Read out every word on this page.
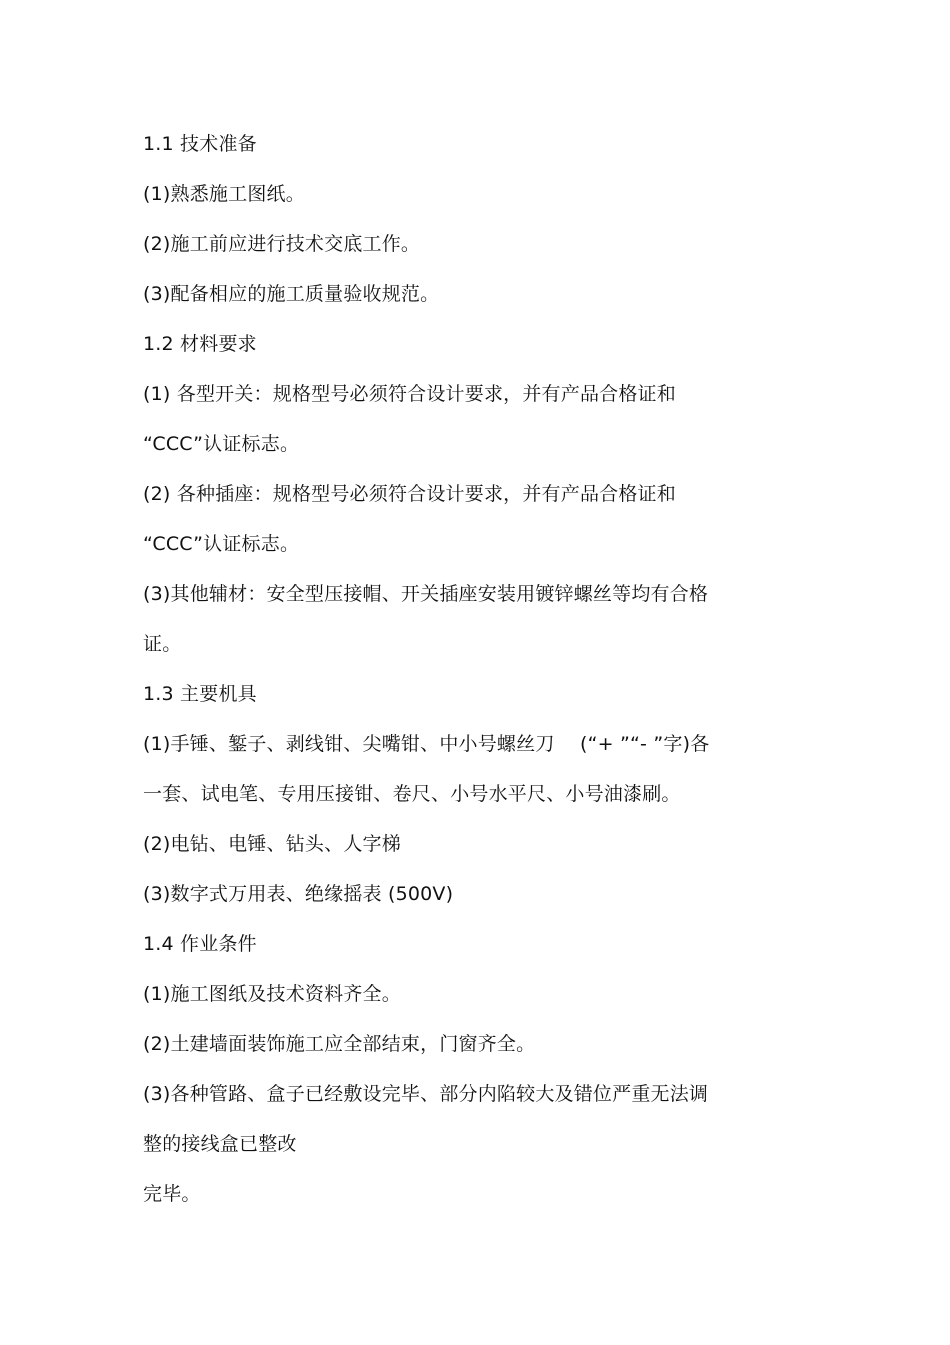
1.1 技术准备
(1)熟悉施工图纸。
(2)施工前应进行技术交底工作。
(3)配备相应的施工质量验收规范。
1.2 材料要求
(1) 各型开关：规格型号必须符合设计要求，并有产品合格证和
“CCC”认证标志。
(2) 各种插座：规格型号必须符合设计要求，并有产品合格证和
“CCC”认证标志。
(3)其他辅材：安全型压接帽、开关插座安装用镀锌螺丝等均有合格
证。
1.3 主要机具
(1)手锤、錾子、剥线钳、尖嘴钳、中小号螺丝刀　 (“+ ”“- ”字)各
一套、试电笔、专用压接钳、卷尺、小号水平尺、小号油漆刷。
(2)电钻、电锤、钻头、人字梯
(3)数字式万用表、绝缘摇表 (500V)
1.4 作业条件
(1)施工图纸及技术资料齐全。
(2)土建墙面装饰施工应全部结束，门窗齐全。
(3)各种管路、盒子已经敷设完毕、部分内陷较大及错位严重无法调
整的接线盒已整改
完毕。
